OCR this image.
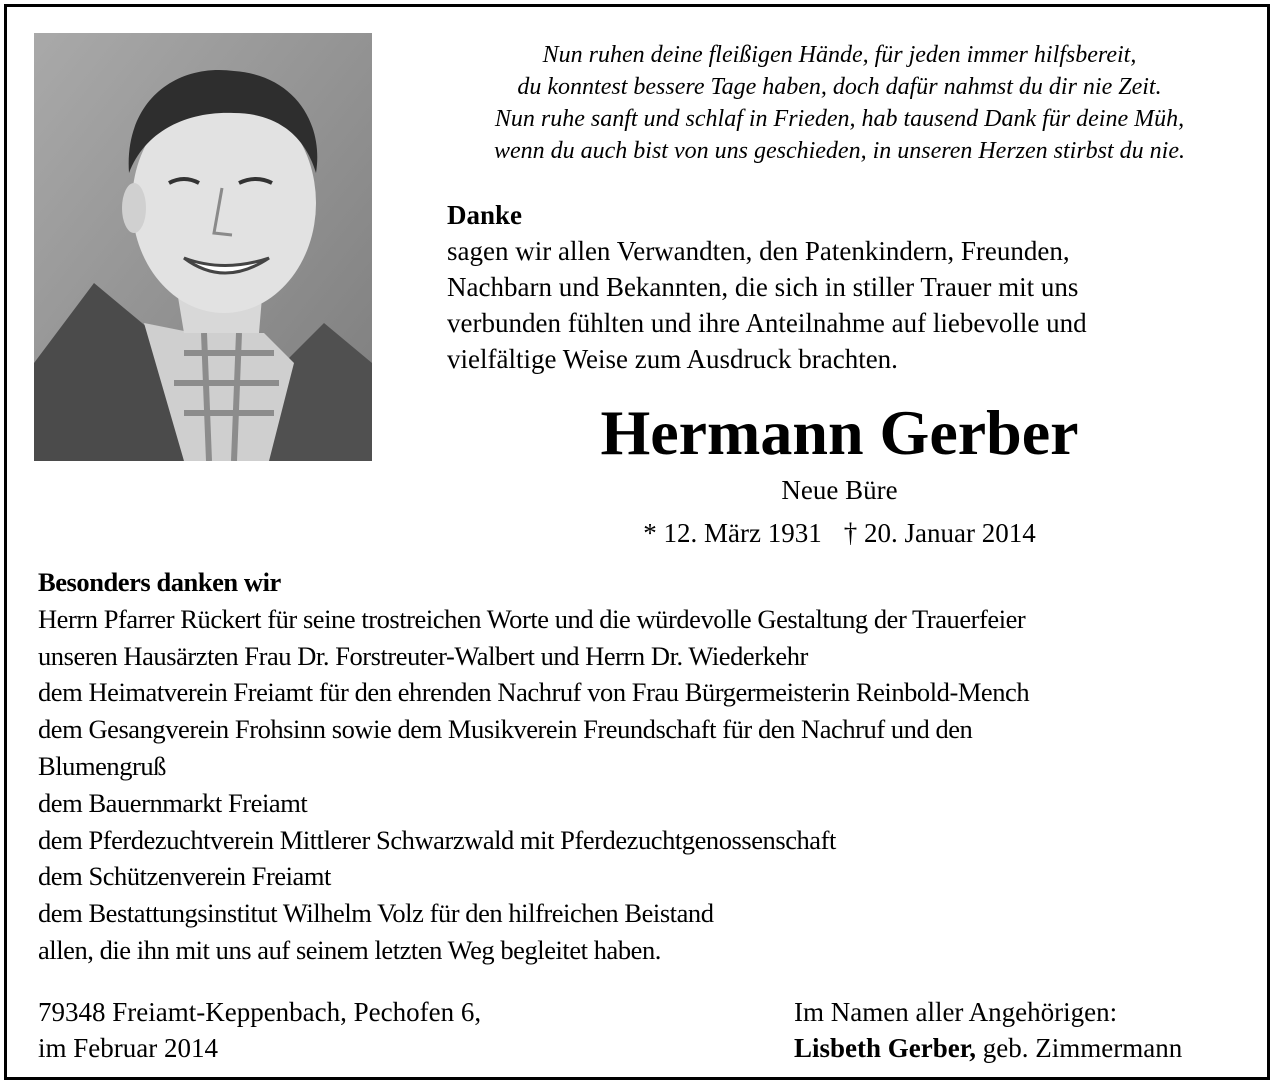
Nun ruhen deine fleißigen Hände, für jeden immer hilfsbereit,
du konntest bessere Tage haben, doch dafür nahmst du dir nie Zeit.
Nun ruhe sanft und schlaf in Frieden, hab tausend Dank für deine Müh,
wenn du auch bist von uns geschieden, in unseren Herzen stirbst du nie.
Danke
sagen wir allen Verwandten, den Patenkindern, Freunden,
Nachbarn und Bekannten, die sich in stiller Trauer mit uns
verbunden fühlten und ihre Anteilnahme auf liebevolle und
vielfältige Weise zum Ausdruck brachten.
Hermann Gerber
Neue Büre
* 12. März 1931 † 20. Januar 2014
Besonders danken wir
Herrn Pfarrer Rückert für seine trostreichen Worte und die würdevolle Gestaltung der Trauerfeier
unseren Hausärzten Frau Dr. Forstreuter-Walbert und Herrn Dr. Wiederkehr
dem Heimatverein Freiamt für den ehrenden Nachruf von Frau Bürgermeisterin Reinbold-Mench
dem Gesangverein Frohsinn sowie dem Musikverein Freundschaft für den Nachruf und den
Blumengruß
dem Bauernmarkt Freiamt
dem Pferdezuchtverein Mittlerer Schwarzwald mit Pferdezuchtgenossenschaft
dem Schützenverein Freiamt
dem Bestattungsinstitut Wilhelm Volz für den hilfreichen Beistand
allen, die ihn mit uns auf seinem letzten Weg begleitet haben.
79348 Freiamt-Keppenbach, Pechofen 6,
im Februar 2014
Im Namen aller Angehörigen:
Lisbeth Gerber, geb. Zimmermann
